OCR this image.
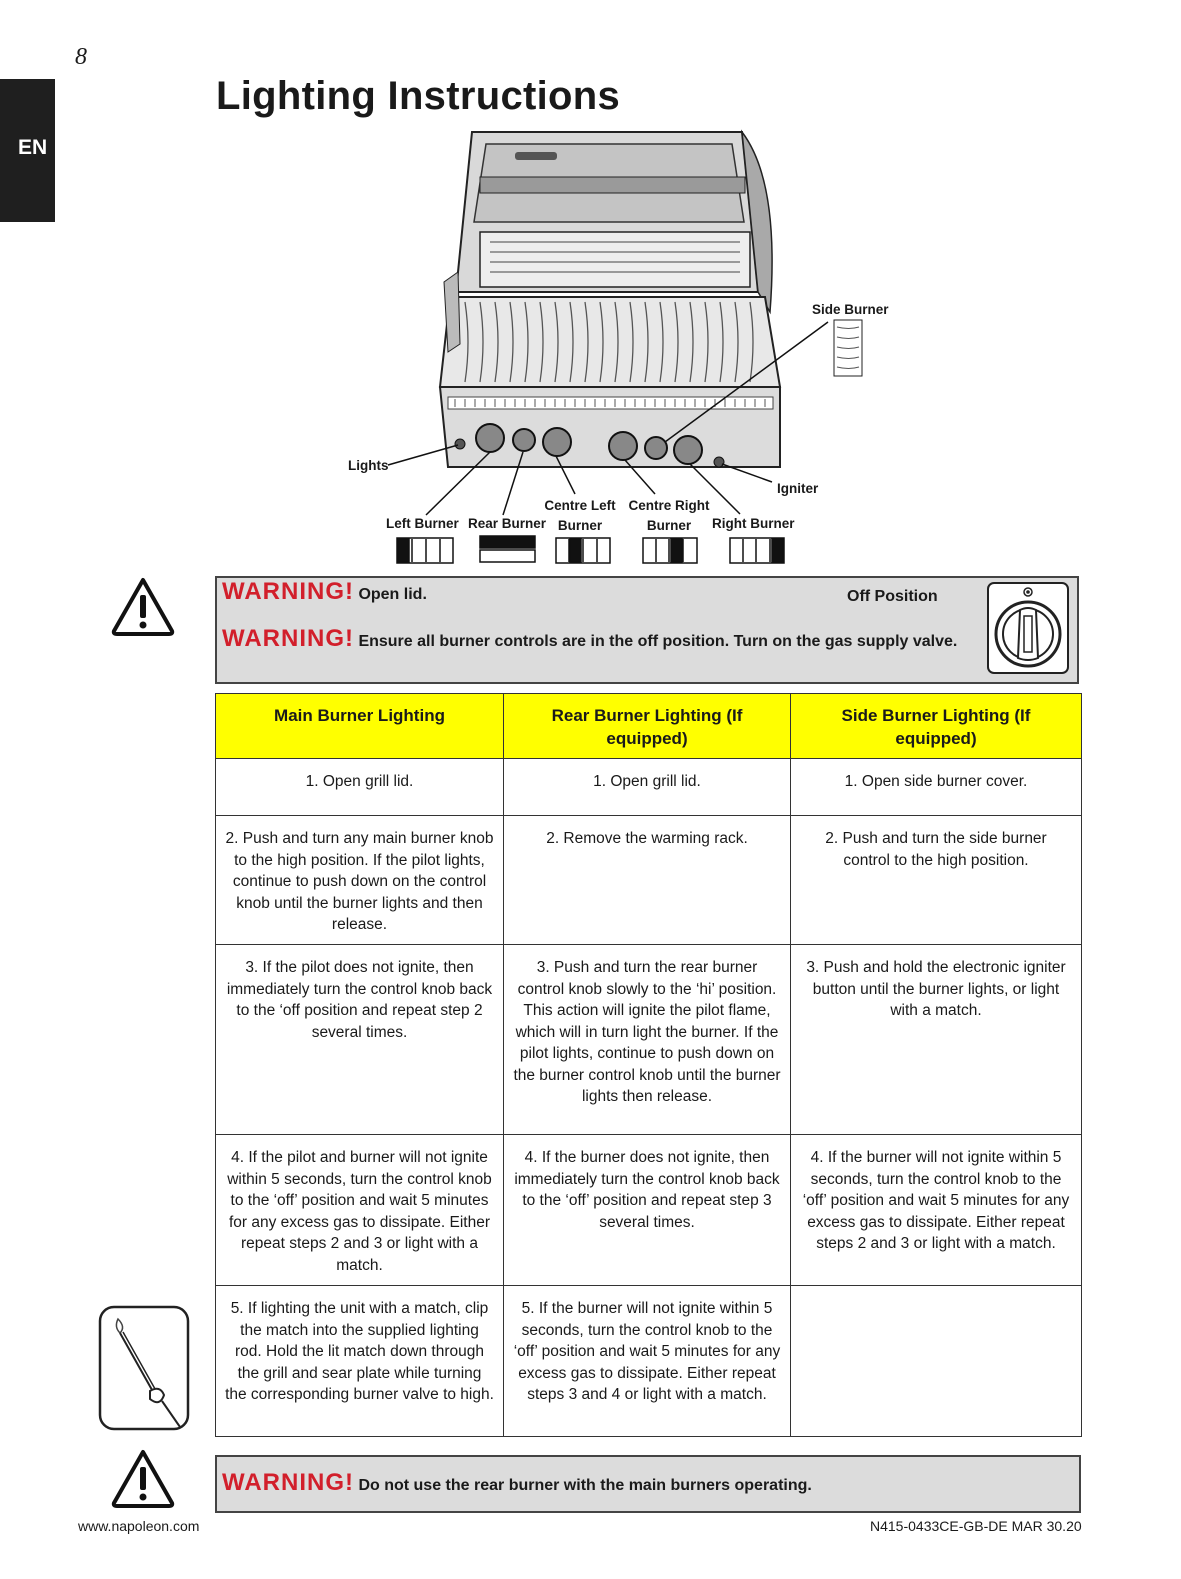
8
EN
Lighting Instructions
Side Burner
Lights
Igniter
Left Burner Rear Burner
Centre Left Burner
Centre Right Burner	Right Burner
WARNING! Open lid.
WARNING! Ensure all burner controls are in the off position. Turn on the gas supply valve.
Off Position
Main Burner Lighting	Rear Burner Lighting (If equipped)	Side Burner Lighting (If equipped)
1. Open grill lid.	1. Open grill lid.	1. Open side burner cover.
2. Push and turn any main burner knob to the high position. If the pilot lights, continue to push down on the control knob until the burner lights and then release.	2. Remove the warming rack.	2. Push and turn the side burner control to the high position.
3. If the pilot does not ignite, then immediately turn the control knob back to the ‘off position and repeat step 2 several times.	3. Push and turn the rear burner control knob slowly to the ‘hi’ position. This action will ignite the pilot flame, which will in turn light the burner. If the pilot lights, continue to push down on the burner control knob until the burner lights then release.	3. Push and hold the electronic igniter button until the burner lights, or light with a match.
4. If the pilot and burner will not ignite within 5 seconds, turn the control knob to the ‘off’ position and wait 5 minutes for any excess gas to dissipate. Either repeat steps 2 and 3 or light with a match.	4. If the burner does not ignite, then immediately turn the control knob back to the ‘off’ position and repeat step 3 several times.	4. If the burner will not ignite within 5 seconds, turn the control knob to the ‘off’ position and wait 5 minutes for any excess gas to dissipate. Either repeat steps 2 and 3 or light with a match.
5. If lighting the unit with a match, clip the match into the supplied lighting rod. Hold the lit match down through the grill and sear plate while turning the corresponding burner valve to high.	5. If the burner will not ignite within 5 seconds, turn the control knob to the ‘off’ position and wait 5 minutes for any excess gas to dissipate. Either repeat steps 3 and 4 or light with a match.	
WARNING! Do not use the rear burner with the main burners operating.
www.napoleon.com	N415-0433CE-GB-DE MAR 30.20
